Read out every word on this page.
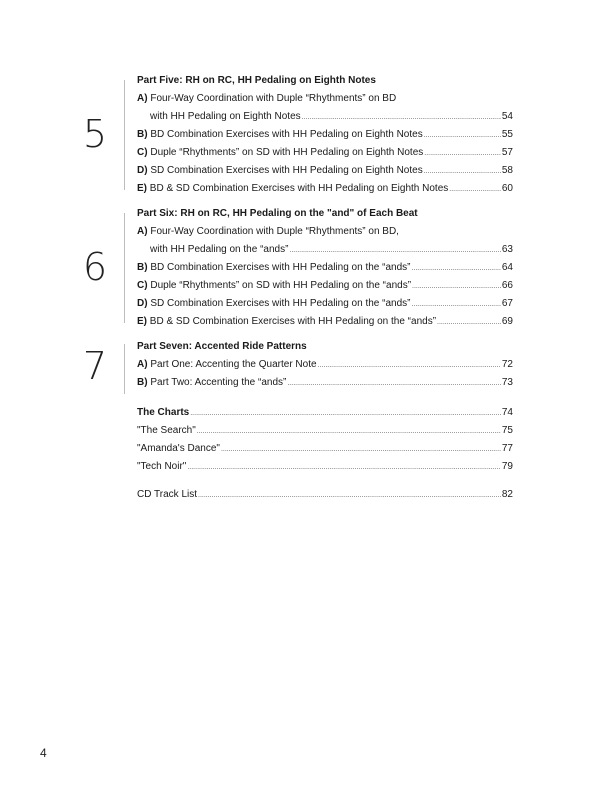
5
Part Five: RH on RC, HH Pedaling on Eighth Notes
A) Four-Way Coordination with Duple “Rhythments” on BD
with HH Pedaling on Eighth Notes .....	54
B) BD Combination Exercises with HH Pedaling on Eighth Notes .....	55
C) Duple “Rhythments” on SD with HH Pedaling on Eighth Notes .....	57
D) SD Combination Exercises with HH Pedaling on Eighth Notes .....	58
E) BD & SD Combination Exercises with HH Pedaling on Eighth Notes .....	60
6
Part Six: RH on RC, HH Pedaling on the "and" of Each Beat
A) Four-Way Coordination with Duple “Rhythments” on BD,
with HH Pedaling on the “ands” .....	63
B) BD Combination Exercises with HH Pedaling on the “ands” .....	64
C) Duple “Rhythments” on SD with HH Pedaling on the “ands” .....	66
D) SD Combination Exercises with HH Pedaling on the “ands” .....	67
E) BD & SD Combination Exercises with HH Pedaling on the “ands” .....	69
7	Part Seven: Accented Ride Patterns
A) Part One: Accenting the Quarter Note .....	72
B) Part Two: Accenting the “ands” .....	73
The Charts .....	74
"The Search" .....	75
"Amanda's Dance" .....	77
"Tech Noir" .....	79
CD Track List .....	82
4
